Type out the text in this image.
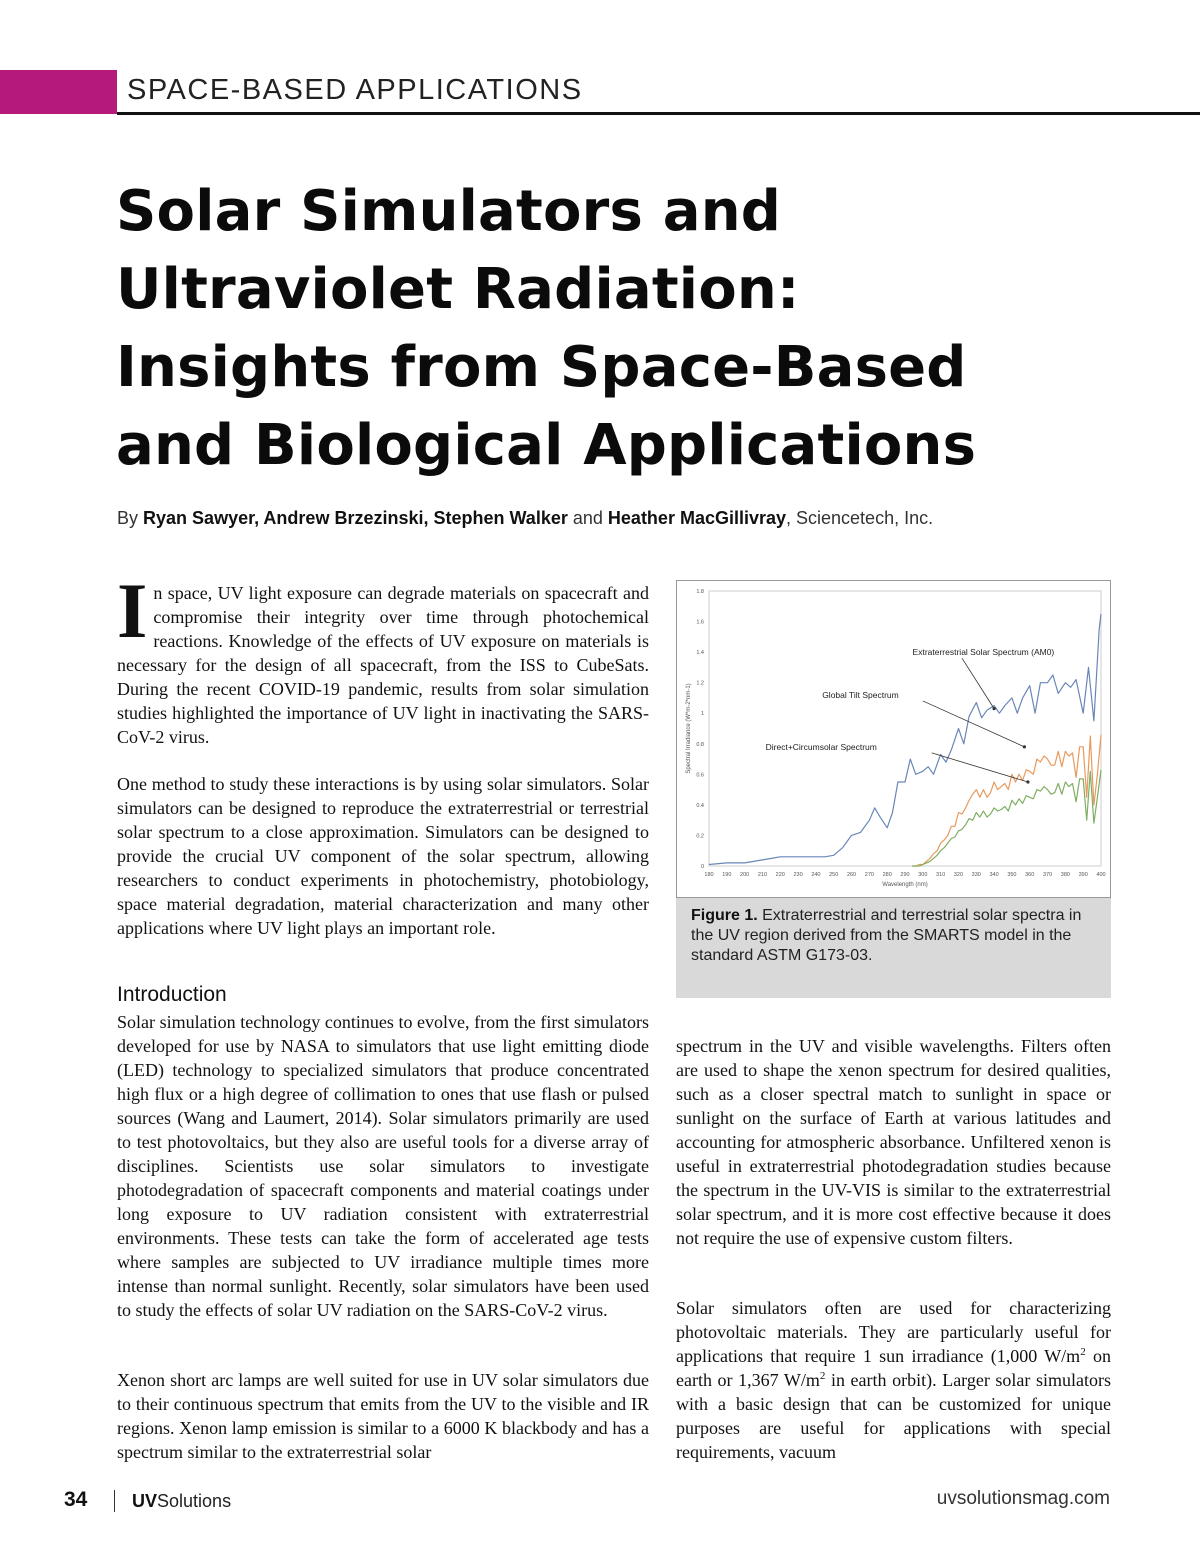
SPACE-BASED APPLICATIONS
Solar Simulators and
Ultraviolet Radiation:
Insights from Space-Based
and Biological Applications
By Ryan Sawyer, Andrew Brzezinski, Stephen Walker and Heather MacGillivray, Sciencetech, Inc.

In space, UV light exposure can degrade materials on spacecraft and compromise their integrity over time through photochemical reactions. Knowledge of the effects of UV exposure on materials is necessary for the design of all spacecraft, from the ISS to CubeSats. During the recent COVID-19 pandemic, results from solar simulation studies highlighted the importance of UV light in inactivating the SARS-CoV-2 virus.

One method to study these interactions is by using solar simulators. Solar simulators can be designed to reproduce the extraterrestrial or terrestrial solar spectrum to a close approximation. Simulators can be designed to provide the crucial UV component of the solar spectrum, allowing researchers to conduct experiments in photochemistry, photobiology, space material degradation, material characterization and many other applications where UV light plays an important role.
Introduction
Solar simulation technology continues to evolve, from the first simulators developed for use by NASA to simulators that use light emitting diode (LED) technology to specialized simulators that produce concentrated high flux or a high degree of collimation to ones that use flash or pulsed sources (Wang and Laumert, 2014). Solar simulators primarily are used to test photovoltaics, but they also are useful tools for a diverse array of disciplines. Scientists use solar simulators to investigate photodegradation of spacecraft components and material coatings under long exposure to UV radiation consistent with extraterrestrial environments. These tests can take the form of accelerated age tests where samples are subjected to UV irradiance multiple times more intense than normal sunlight. Recently, solar simulators have been used to study the effects of solar UV radiation on the SARS-CoV-2 virus.
Xenon short arc lamps are well suited for use in UV solar simulators due to their continuous spectrum that emits from the UV to the visible and IR regions. Xenon lamp emission is similar to a 6000 K blackbody and has a spectrum similar to the extraterrestrial solar
0
0.2
0.4
0.6
0.8
1
1.2
1.4
1.6
1.8
180 190 200 210 220 230 240 250 260 270 280 290 300 310 320 330 340 350 360 370 380 390 400
Wavelength (nm)
Spectral Irradiance (W*m-2*nm-1)
Extraterrestrial Solar Spectrum (AM0)
Global Tilt Spectrum
Direct+Circumsolar Spectrum
Figure 1. Extraterrestrial and terrestrial solar spectra in the UV region derived from the SMARTS model in the standard ASTM G173-03.
spectrum in the UV and visible wavelengths. Filters often are used to shape the xenon spectrum for desired qualities, such as a closer spectral match to sunlight in space or sunlight on the surface of Earth at various latitudes and accounting for atmospheric absorbance. Unfiltered xenon is useful in extraterrestrial photodegradation studies because the spectrum in the UV-VIS is similar to the extraterrestrial solar spectrum, and it is more cost effective because it does not require the use of expensive custom filters.
Solar simulators often are used for characterizing photovoltaic materials. They are particularly useful for applications that require 1 sun irradiance (1,000 $W/m^2$ on earth or 1,367 $W/m^2$ in earth orbit). Larger solar simulators with a basic design that can be customized for unique purposes are useful for applications with special requirements, vacuum
34 UVSolutions	uvsolutionsmag.com
